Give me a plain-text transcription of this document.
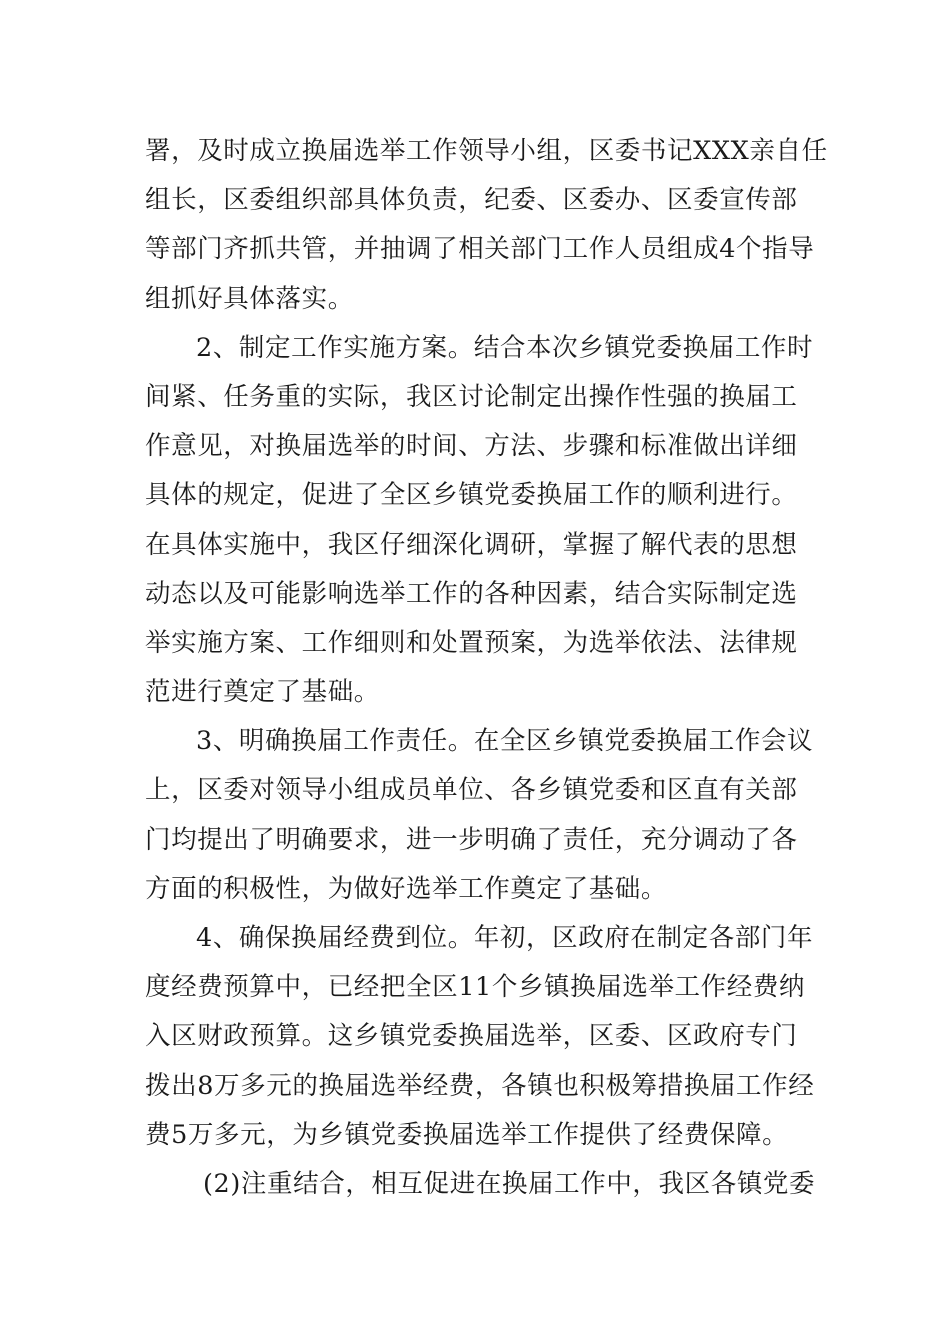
署，及时成立换届选举工作领导小组，区委书记XXX亲自任
组长，区委组织部具体负责，纪委、区委办、区委宣传部
等部门齐抓共管，并抽调了相关部门工作人员组成4个指导
组抓好具体落实。
2、制定工作实施方案。结合本次乡镇党委换届工作时
间紧、任务重的实际，我区讨论制定出操作性强的换届工
作意见，对换届选举的时间、方法、步骤和标准做出详细
具体的规定，促进了全区乡镇党委换届工作的顺利进行。
在具体实施中，我区仔细深化调研，掌握了解代表的思想
动态以及可能影响选举工作的各种因素，结合实际制定选
举实施方案、工作细则和处置预案，为选举依法、法律规
范进行奠定了基础。
3、明确换届工作责任。在全区乡镇党委换届工作会议
上，区委对领导小组成员单位、各乡镇党委和区直有关部
门均提出了明确要求，进一步明确了责任，充分调动了各
方面的积极性，为做好选举工作奠定了基础。
4、确保换届经费到位。年初，区政府在制定各部门年
度经费预算中，已经把全区11个乡镇换届选举工作经费纳
入区财政预算。这乡镇党委换届选举，区委、区政府专门
拨出8万多元的换届选举经费，各镇也积极筹措换届工作经
费5万多元，为乡镇党委换届选举工作提供了经费保障。
(2)注重结合，相互促进在换届工作中，我区各镇党委
